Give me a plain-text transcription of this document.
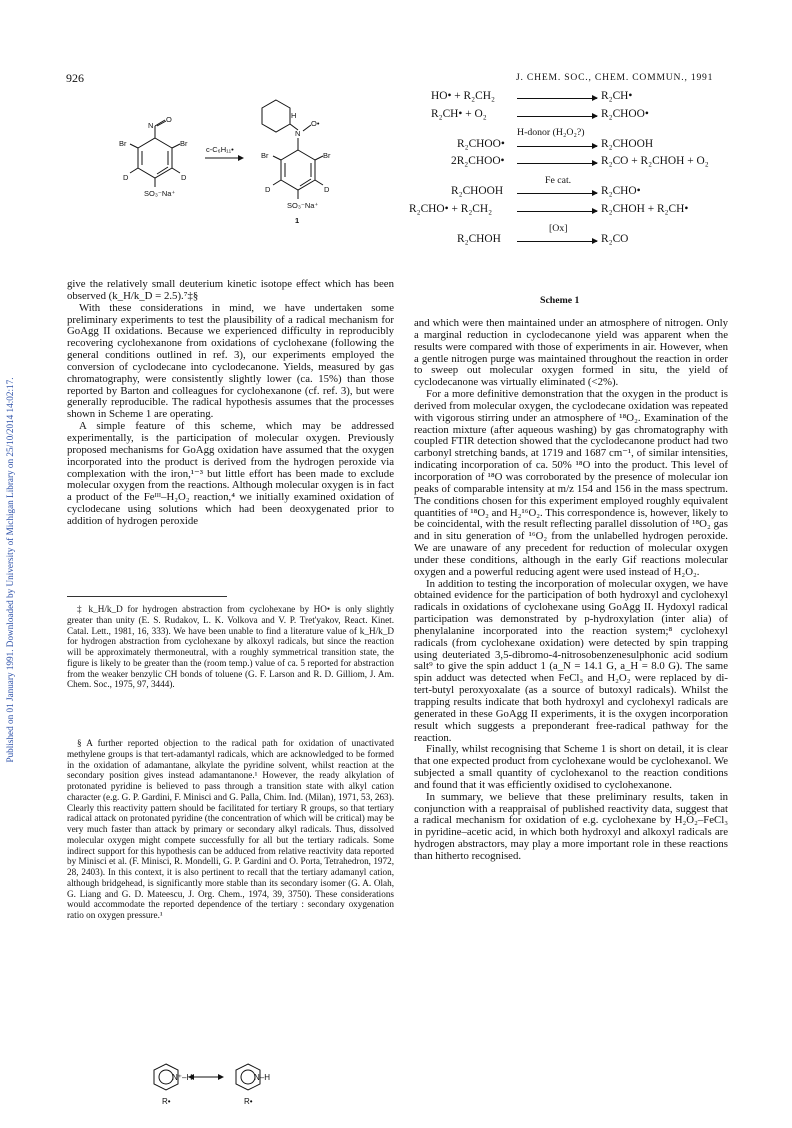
Published on 01 January 1991. Downloaded by University of Michigan Library on 25/10/2014 14:02:17.
926	J. CHEM. SOC., CHEM. COMMUN., 1991
N
O
Br	Br
D	D
SO₃⁻Na⁺
c-C₆H₁₁•
H
N
O•
Br	Br
D	D
SO₃⁻Na⁺
1
HO• + R₂CH₂	R₂CH•
R₂CH• + O₂	R₂CHOO•
H-donor (H₂O₂?)
R₂CHOO•	R₂CHOOH
2R₂CHOO•	R₂CO + R₂CHOH + O₂
Fe cat.
R₂CHOOH	R₂CHO•
R₂CHO• + R₂CH₂	R₂CHOH + R₂CH•
[Ox]
R₂CHOH	R₂CO
Scheme 1

give the relatively small deuterium kinetic isotope effect which has been observed (k_H/k_D = 2.5).⁷‡§

With these considerations in mind, we have undertaken some preliminary experiments to test the plausibility of a radical mechanism for GoAgg II oxidations. Because we experienced difficulty in reproducibly recovering cyclohexanone from oxidations of cyclohexane (following the general conditions outlined in ref. 3), our experiments employed the conversion of cyclodecane into cyclodecanone. Yields, measured by gas chromatography, were consistently slightly lower (ca. 15%) than those reported by Barton and colleagues for cyclohexanone (cf. ref. 3), but were generally reproducible. The radical hypothesis assumes that the processes shown in Scheme 1 are operating.

A simple feature of this scheme, which may be addressed experimentally, is the participation of molecular oxygen. Previously proposed mechanisms for GoAgg oxidation have assumed that the oxygen incorporated into the product is derived from the hydrogen peroxide via complexation with the iron,¹⁻³ but little effort has been made to exclude molecular oxygen from the reactions. Although molecular oxygen is in fact a product of the Feᴵᴵᴵ–H₂O₂ reaction,⁴ we initially examined oxidation of cyclodecane using solutions which had been deoxygenated prior to addition of hydrogen peroxide

‡ k_H/k_D for hydrogen abstraction from cyclohexane by HO• is only slightly greater than unity (E. S. Rudakov, L. K. Volkova and V. P. Tret'yakov, React. Kinet. Catal. Lett., 1981, 16, 333). We have been unable to find a literature value of k_H/k_D for hydrogen abstraction from cyclohexane by alkoxyl radicals, but since the reaction will be approximately thermoneutral, with a roughly symmetrical transition state, the figure is likely to be greater than the (room temp.) value of ca. 5 reported for abstraction from the weaker benzylic CH bonds of toluene (G. F. Larson and R. D. Gilliom, J. Am. Chem. Soc., 1975, 97, 3444).

§ A further reported objection to the radical path for oxidation of unactivated methylene groups is that tert-adamantyl radicals, which are acknowledged to be formed in the oxidation of adamantane, alkylate the pyridine solvent, whilst reaction at the secondary position gives instead adamantanone.¹ However, the ready alkylation of protonated pyridine is believed to pass through a transition state with alkyl cation character (e.g. G. P. Gardini, F. Minisci and G. Palla, Chim. Ind. (Milan), 1971, 53, 263). Clearly this reactivity pattern should be facilitated for tertiary R groups, so that tertiary radical attack on protonated pyridine (the concentration of which will be critical) may be very much faster than attack by primary or secondary alkyl radicals. Thus, dissolved molecular oxygen might compete successfully for all but the tertiary radicals. Some indirect support for this hypothesis can be adduced from relative reactivity data reported by Minisci et al. (F. Minisci, R. Mondelli, G. P. Gardini and O. Porta, Tetrahedron, 1972, 28, 2403). In this context, it is also pertinent to recall that the tertiary adamanyl cation, although bridgehead, is significantly more stable than its secondary isomer (G. A. Olah, G. Liang and G. D. Mateescu, J. Org. Chem., 1974, 39, 3750). These considerations would accommodate the reported dependence of the tertiary : secondary oxygenation ratio on oxygen pressure.¹

N⁺–H	N–H
R•	R•

and which were then maintained under an atmosphere of nitrogen. Only a marginal reduction in cyclodecanone yield was apparent when the results were compared with those of experiments in air. However, when a gentle nitrogen purge was maintained throughout the reaction in order to sweep out molecular oxygen formed in situ, the yield of cyclodecanone was virtually eliminated (<2%).

For a more definitive demonstration that the oxygen in the product is derived from molecular oxygen, the cyclodecane oxidation was repeated with vigorous stirring under an atmosphere of ¹⁸O₂. Examination of the reaction mixture (after aqueous washing) by gas chromatography with coupled FTIR detection showed that the cyclodecanone product had two carbonyl stretching bands, at 1719 and 1687 cm⁻¹, of similar intensities, indicating incorporation of ca. 50% ¹⁸O into the product. This level of incorporation of ¹⁸O was corroborated by the presence of molecular ion peaks of comparable intensity at m/z 154 and 156 in the mass spectrum. The conditions chosen for this experiment employed roughly equivalent quantities of ¹⁸O₂ and H₂¹⁶O₂. This correspondence is, however, likely to be coincidental, with the result reflecting parallel dissolution of ¹⁸O₂ gas and in situ generation of ¹⁶O₂ from the unlabelled hydrogen peroxide. We are unaware of any precedent for reduction of molecular oxygen under these conditions, although in the early Gif reactions molecular oxygen and a powerful reducing agent were used instead of H₂O₂.

In addition to testing the incorporation of molecular oxygen, we have obtained evidence for the participation of both hydroxyl and cyclohexyl radicals in oxidations of cyclohexane using GoAgg II. Hydoxyl radical participation was demonstrated by p-hydroxylation (inter alia) of phenylalanine incorporated into the reaction system;⁸ cyclohexyl radicals (from cyclohexane oxidation) were detected by spin trapping using deuteriated 3,5-dibromo-4-nitrosobenzenesulphonic acid sodium salt⁹ to give the spin adduct 1 (a_N = 14.1 G, a_H = 8.0 G). The same spin adduct was detected when FeCl₃ and H₂O₂ were replaced by di-tert-butyl peroxyoxalate (as a source of butoxyl radicals). Whilst the trapping results indicate that both hydroxyl and cyclohexyl radicals are generated in these GoAgg II experiments, it is the oxygen incorporation result which suggests a preponderant free-radical pathway for the reaction.

Finally, whilst recognising that Scheme 1 is short on detail, it is clear that one expected product from cyclohexane would be cyclohexanol. We subjected a small quantity of cyclohexanol to the reaction conditions and found that it was efficiently oxidised to cyclohexanone.

In summary, we believe that these preliminary results, taken in conjunction with a reappraisal of published reactivity data, suggest that a radical mechanism for oxidation of e.g. cyclohexane by H₂O₂–FeCl₃ in pyridine–acetic acid, in which both hydroxyl and alkoxyl radicals are hydrogen abstractors, may play a more important role in these reactions than hitherto recognised.
